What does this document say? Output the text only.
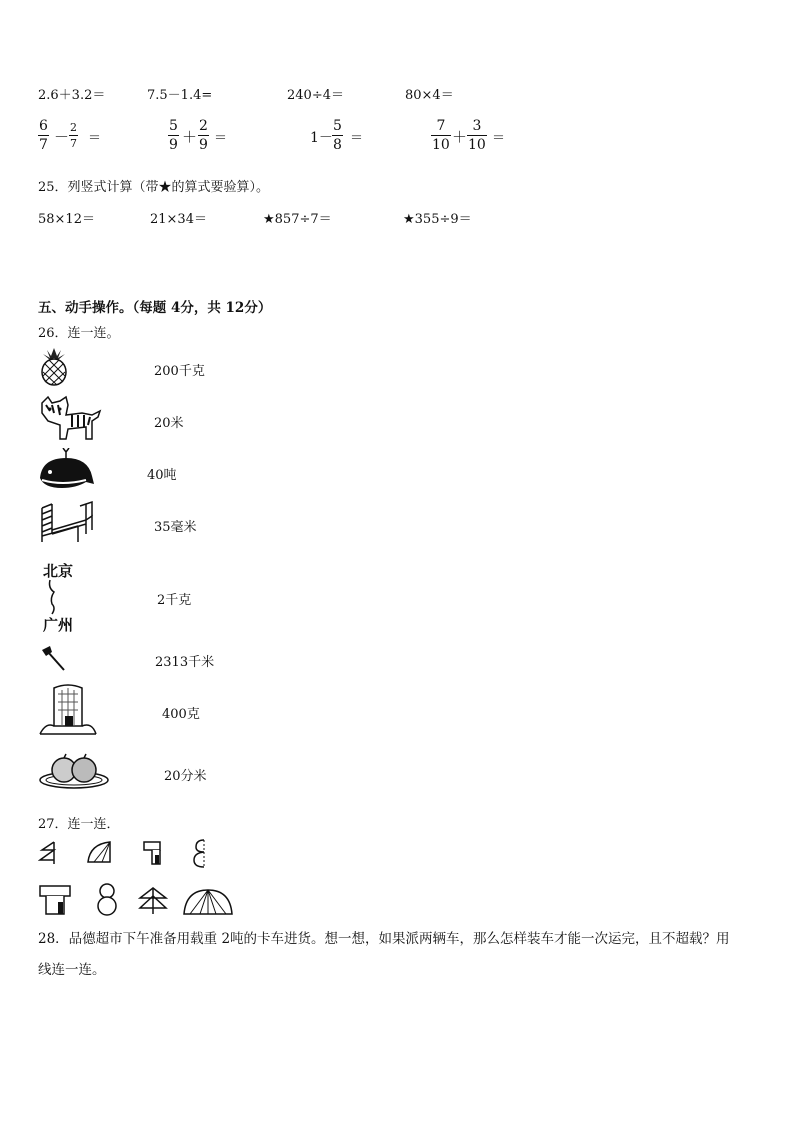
2.6＋3.2＝	7.5－1.4=	240÷4＝	80×4＝
6
7 －
2
7 ＝
5
9 ＋
2
9 ＝	1－
5
8 ＝
7
10 ＋
3
10 ＝
25．列竖式计算（带★的算式要验算）。
58×12＝	21×34＝	★857÷7＝	★355÷9＝
五、动手操作。（每题 4分，共 12分）
26．连一连。
200千克
20米
40吨
35毫米
北京
广州
2千克
2313千米
400克
20分米
27．连一连．
28．品德超市下午准备用载重 2吨的卡车进货。想一想，如果派两辆车，那么怎样装车才能一次运完，且不超载？用
线连一连。
